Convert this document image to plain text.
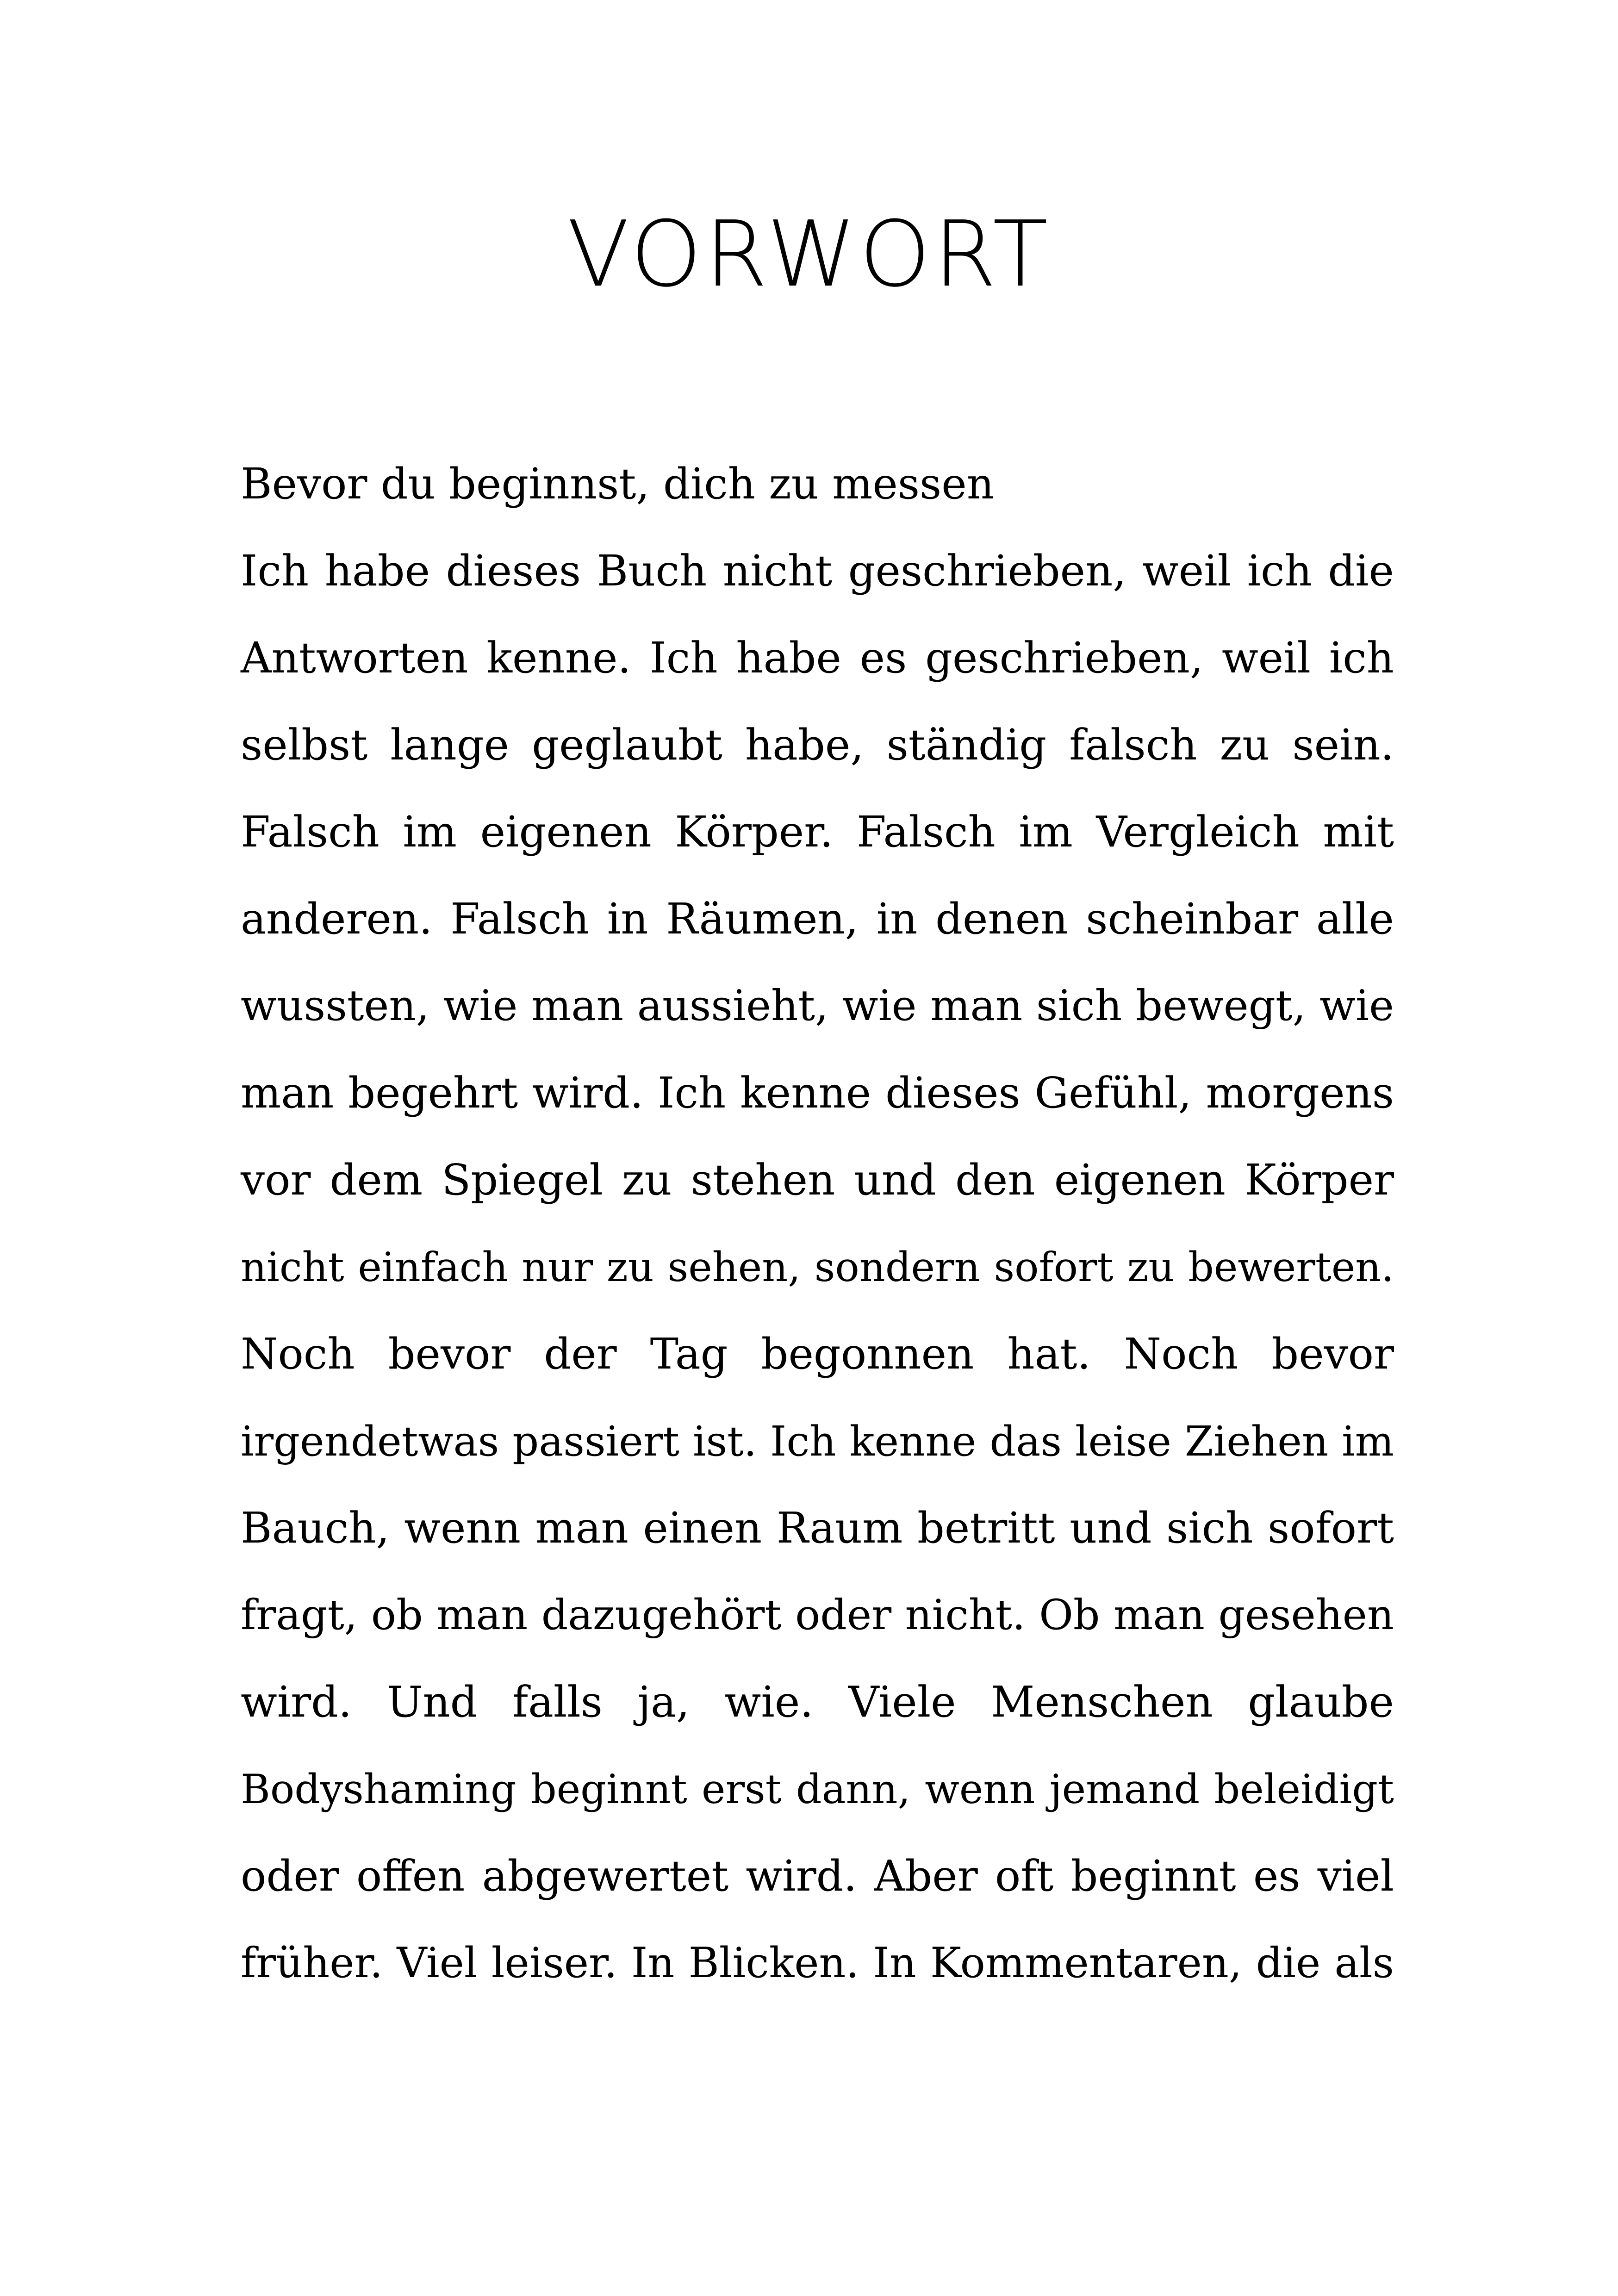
VORWORT
Bevor du beginnst, dich zu messen
Ich habe dieses Buch nicht geschrieben, weil ich die
Antworten kenne. Ich habe es geschrieben, weil ich
selbst lange geglaubt habe, ständig falsch zu sein.
Falsch im eigenen Körper. Falsch im Vergleich mit
anderen. Falsch in Räumen, in denen scheinbar alle
wussten, wie man aussieht, wie man sich bewegt, wie
man begehrt wird. Ich kenne dieses Gefühl, morgens
vor dem Spiegel zu stehen und den eigenen Körper
nicht einfach nur zu sehen, sondern sofort zu bewerten.
Noch bevor der Tag begonnen hat. Noch bevor
irgendetwas passiert ist. Ich kenne das leise Ziehen im
Bauch, wenn man einen Raum betritt und sich sofort
fragt, ob man dazugehört oder nicht. Ob man gesehen
wird. Und falls ja, wie. Viele Menschen glaube
Bodyshaming beginnt erst dann, wenn jemand beleidigt
oder offen abgewertet wird. Aber oft beginnt es viel
früher. Viel leiser. In Blicken. In Kommentaren, die als
